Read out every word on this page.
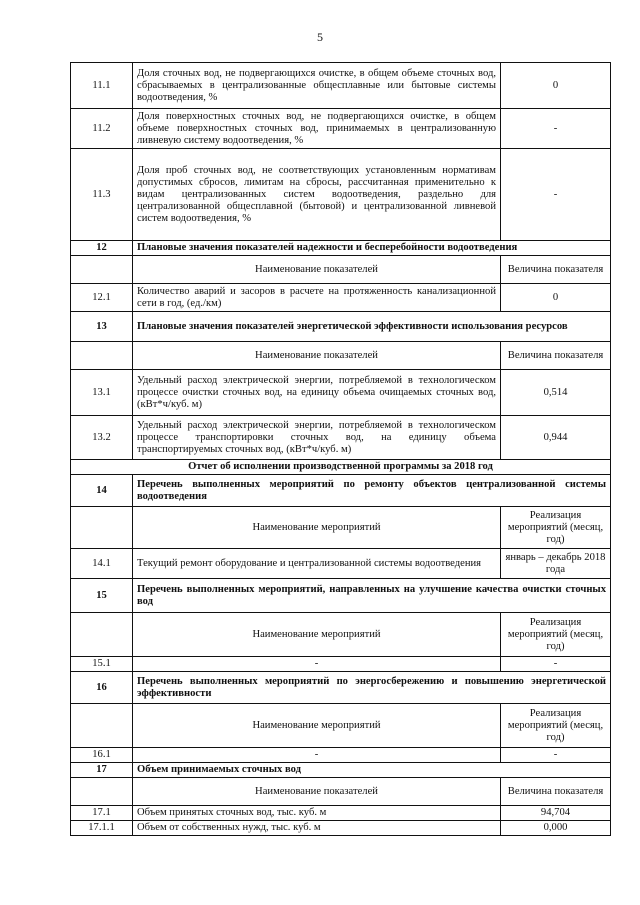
5
11.1	Доля сточных вод, не подвергающихся очистке, в общем объеме сточных вод, сбрасываемых в централизованные общесплавные или бытовые системы водоотведения, %	0
11.2	Доля поверхностных сточных вод, не подвергающихся очистке, в общем объеме поверхностных сточных вод, принимаемых в централизованную ливневую систему водоотведения, %	-
11.3	Доля проб сточных вод, не соответствующих установленным нормативам допустимых сбросов, лимитам на сбросы, рассчитанная применительно к видам централизованных систем водоотведения, раздельно для централизованной общесплавной (бытовой) и централизованной ливневой систем водоотведения, %	-
12	Плановые значения показателей надежности и бесперебойности водоотведения	
	Наименование показателей	Величина показателя
12.1	Количество аварий и засоров в расчете на протяженность канализационной сети в год, (ед./км)	0
13	Плановые значения показателей энергетической эффективности использования ресурсов	
	Наименование показателей	Величина показателя
13.1	Удельный расход электрической энергии, потребляемой в технологическом процессе очистки сточных вод, на единицу объема очищаемых сточных вод, (кВт*ч/куб. м)	0,514
13.2	Удельный расход электрической энергии, потребляемой в технологическом процессе транспортировки сточных вод, на единицу объема транспортируемых сточных вод, (кВт*ч/куб. м)	0,944
Отчет об исполнении производственной программы за 2018 год		
14	Перечень выполненных мероприятий по ремонту объектов централизованной системы водоотведения	
	Наименование мероприятий	Реализация мероприятий (месяц, год)
14.1	Текущий ремонт оборудование и централизованной системы водоотведения	январь – декабрь 2018 года
15	Перечень выполненных мероприятий, направленных на улучшение качества очистки сточных вод	
	Наименование мероприятий	Реализация мероприятий (месяц, год)
15.1	-	-
16	Перечень выполненных мероприятий по энергосбережению и повышению энергетической эффективности	
	Наименование мероприятий	Реализация мероприятий (месяц, год)
16.1	-	-
17	Объем принимаемых сточных вод	
	Наименование показателей	Величина показателя
17.1	Объем принятых сточных вод, тыс. куб. м	94,704
17.1.1	Объем от собственных нужд, тыс. куб. м	0,000
